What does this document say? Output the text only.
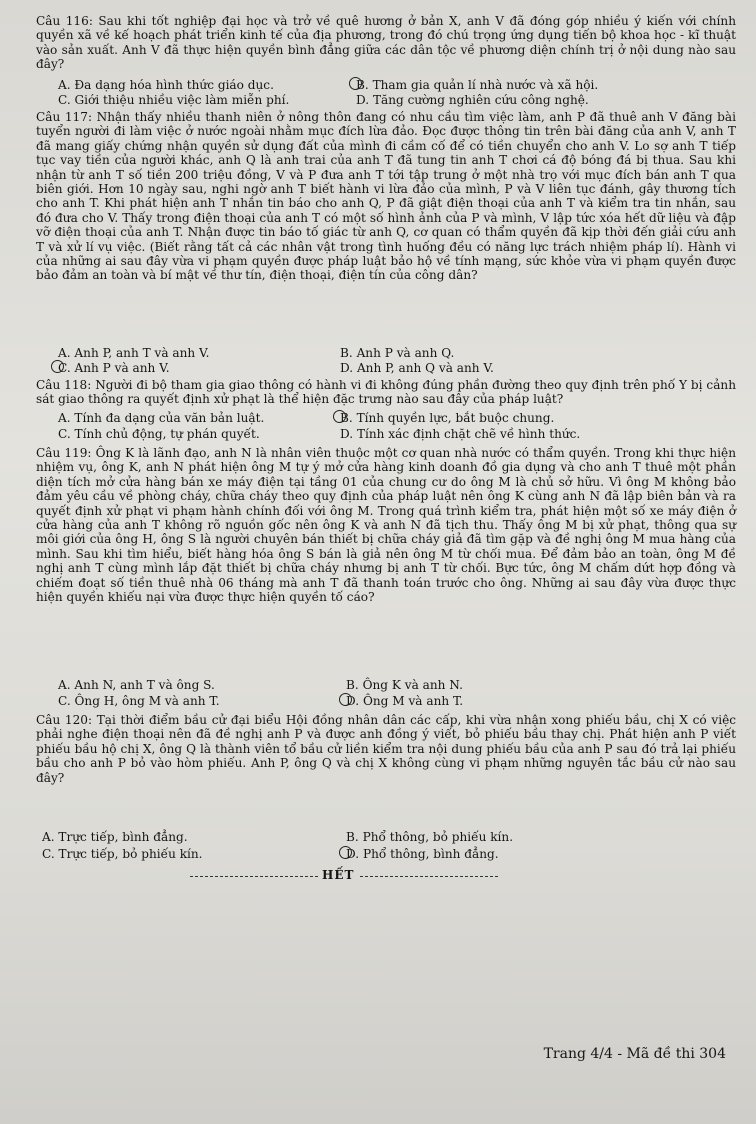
Câu 116: Sau khi tốt nghiệp đại học và trở về quê hương ở bản X, anh V đã đóng góp nhiều ý kiến với chính quyền xã về kế hoạch phát triển kinh tế của địa phương, trong đó chú trọng ứng dụng tiến bộ khoa học - kĩ thuật vào sản xuất. Anh V đã thực hiện quyền bình đẳng giữa các dân tộc về phương diện chính trị ở nội dung nào sau đây?

A. Đa dạng hóa hình thức giáo dục.	B. Tham gia quản lí nhà nước và xã hội.
C. Giới thiệu nhiều việc làm miễn phí.	D. Tăng cường nghiên cứu công nghệ.

Câu 117: Nhận thấy nhiều thanh niên ở nông thôn đang có nhu cầu tìm việc làm, anh P đã thuê anh V đăng bài tuyển người đi làm việc ở nước ngoài nhằm mục đích lừa đảo. Đọc được thông tin trên bài đăng của anh V, anh T đã mang giấy chứng nhận quyền sử dụng đất của mình đi cầm cố để có tiền chuyển cho anh V. Lo sợ anh T tiếp tục vay tiền của người khác, anh Q là anh trai của anh T đã tung tin anh T chơi cá độ bóng đá bị thua. Sau khi nhận từ anh T số tiền 200 triệu đồng, V và P đưa anh T tới tập trung ở một nhà trọ với mục đích bán anh T qua biên giới. Hơn 10 ngày sau, nghi ngờ anh T biết hành vi lừa đảo của mình, P và V liên tục đánh, gây thương tích cho anh T. Khi phát hiện anh T nhắn tin báo cho anh Q, P đã giật điện thoại của anh T và kiểm tra tin nhắn, sau đó đưa cho V. Thấy trong điện thoại của anh T có một số hình ảnh của P và mình, V lập tức xóa hết dữ liệu và đập vỡ điện thoại của anh T. Nhận được tin báo tố giác từ anh Q, cơ quan có thẩm quyền đã kịp thời đến giải cứu anh T và xử lí vụ việc. (Biết rằng tất cả các nhân vật trong tình huống đều có năng lực trách nhiệm pháp lí). Hành vi của những ai sau đây vừa vi phạm quyền được pháp luật bảo hộ về tính mạng, sức khỏe vừa vi phạm quyền được bảo đảm an toàn và bí mật về thư tín, điện thoại, điện tín của công dân?

A. Anh P, anh T và anh V.	B. Anh P và anh Q.
C. Anh P và anh V.	D. Anh P, anh Q và anh V.

Câu 118: Người đi bộ tham gia giao thông có hành vi đi không đúng phần đường theo quy định trên phố Y bị cảnh sát giao thông ra quyết định xử phạt là thể hiện đặc trưng nào sau đây của pháp luật?

A. Tính đa dạng của văn bản luật.	B. Tính quyền lực, bắt buộc chung.
C. Tính chủ động, tự phán quyết.	D. Tính xác định chặt chẽ về hình thức.

Câu 119: Ông K là lãnh đạo, anh N là nhân viên thuộc một cơ quan nhà nước có thẩm quyền. Trong khi thực hiện nhiệm vụ, ông K, anh N phát hiện ông M tự ý mở cửa hàng kinh doanh đồ gia dụng và cho anh T thuê một phần diện tích mở cửa hàng bán xe máy điện tại tầng 01 của chung cư do ông M là chủ sở hữu. Vì ông M không bảo đảm yêu cầu về phòng cháy, chữa cháy theo quy định của pháp luật nên ông K cùng anh N đã lập biên bản và ra quyết định xử phạt vi phạm hành chính đối với ông M. Trong quá trình kiểm tra, phát hiện một số xe máy điện ở cửa hàng của anh T không rõ nguồn gốc nên ông K và anh N đã tịch thu. Thấy ông M bị xử phạt, thông qua sự môi giới của ông H, ông S là người chuyên bán thiết bị chữa cháy giả đã tìm gặp và đề nghị ông M mua hàng của mình. Sau khi tìm hiểu, biết hàng hóa ông S bán là giả nên ông M từ chối mua. Để đảm bảo an toàn, ông M đề nghị anh T cùng mình lắp đặt thiết bị chữa cháy nhưng bị anh T từ chối. Bực tức, ông M chấm dứt hợp đồng và chiếm đoạt số tiền thuê nhà 06 tháng mà anh T đã thanh toán trước cho ông. Những ai sau đây vừa được thực hiện quyền khiếu nại vừa được thực hiện quyền tố cáo?

A. Anh N, anh T và ông S.	B. Ông K và anh N.
C. Ông H, ông M và anh T.	D. Ông M và anh T.

Câu 120: Tại thời điểm bầu cử đại biểu Hội đồng nhân dân các cấp, khi vừa nhận xong phiếu bầu, chị X có việc phải nghe điện thoại nên đã đề nghị anh P và được anh đồng ý viết, bỏ phiếu bầu thay chị. Phát hiện anh P viết phiếu bầu hộ chị X, ông Q là thành viên tổ bầu cử liền kiểm tra nội dung phiếu bầu của anh P sau đó trả lại phiếu bầu cho anh P bỏ vào hòm phiếu. Anh P, ông Q và chị X không cùng vi phạm những nguyên tắc bầu cử nào sau đây?

A. Trực tiếp, bình đẳng.	B. Phổ thông, bỏ phiếu kín.
C. Trực tiếp, bỏ phiếu kín.	D. Phổ thông, bình đẳng.
HẾT
Trang 4/4 - Mã đề thi 304
